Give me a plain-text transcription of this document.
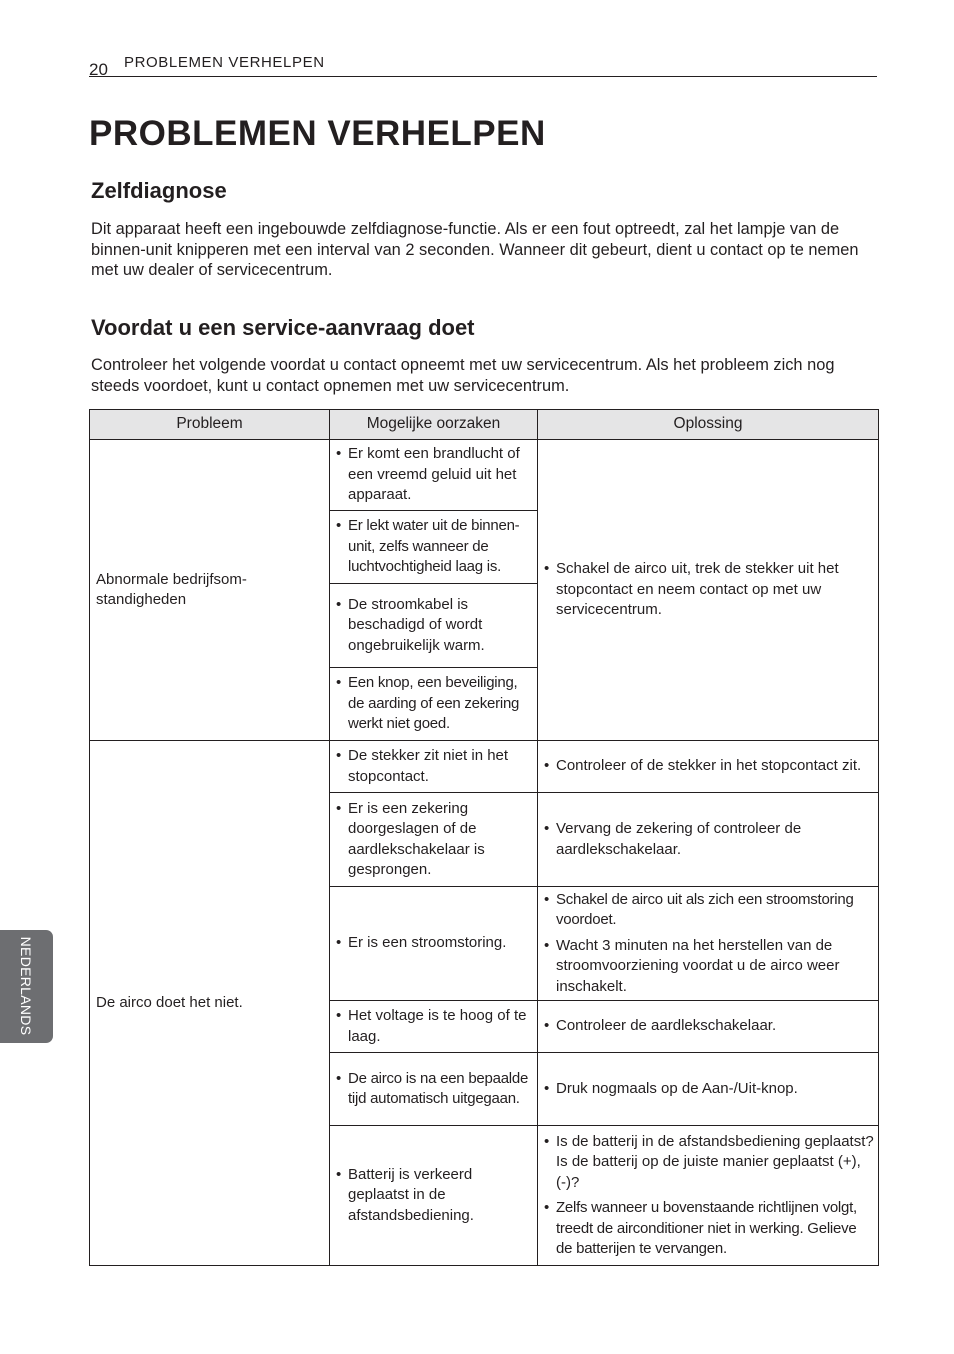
20 PROBLEMEN VERHELPEN
PROBLEMEN VERHELPEN
Zelfdiagnose

Dit apparaat heeft een ingebouwde zelfdiagnose-functie. Als er een fout optreedt, zal het lampje van de binnen-unit knipperen met een interval van 2 seconden. Wanneer dit gebeurt, dient u contact op te nemen met uw dealer of servicecentrum.

Voordat u een service-aanvraag doet

Controleer het volgende voordat u contact opneemt met uw servicecentrum. Als het probleem zich nog steeds voordoet, kunt u contact opnemen met uw servicecentrum.

NEDERLANDS
Probleem	Mogelijke oorzaken	Oplossing
Abnormale bedrijfsom-standigheden	• Er komt een brandlucht of een vreemd geluid uit het apparaat.	• Schakel de airco uit, trek de stekker uit het stopcontact en neem contact op met uw servicecentrum.

	• Er lekt water uit de binnen-unit, zelfs wanneer de luchtvochtigheid laag is.

	• De stroomkabel is beschadigd of wordt ongebruikelijk warm.

	• Een knop, een beveiliging, de aarding of een zekering werkt niet goed.

De airco doet het niet.	• De stekker zit niet in het stopcontact.	• Controleer of de stekker in het stopcontact zit.

	• Er is een zekering doorgeslagen of de aardlekschakelaar is gesprongen.	• Vervang de zekering of controleer de aardlekschakelaar.

	• Er is een stroomstoring.	• Schakel de airco uit als zich een stroomstoring voordoet.

• Wacht 3 minuten na het herstellen van de stroomvoorziening voordat u de airco weer inschakelt.

	• Het voltage is te hoog of te laag.	• Controleer de aardlekschakelaar.

	• De airco is na een bepaalde tijd automatisch uitgegaan.	• Druk nogmaals op de Aan-/Uit-knop.

	• Batterij is verkeerd geplaatst in de afstandsbediening.	• Is de batterij in de afstandsbediening geplaatst? Is de batterij op de juiste manier geplaatst (+),(-)?

• Zelfs wanneer u bovenstaande richtlijnen volgt, treedt de airconditioner niet in werking. Gelieve de batterijen te vervangen.
